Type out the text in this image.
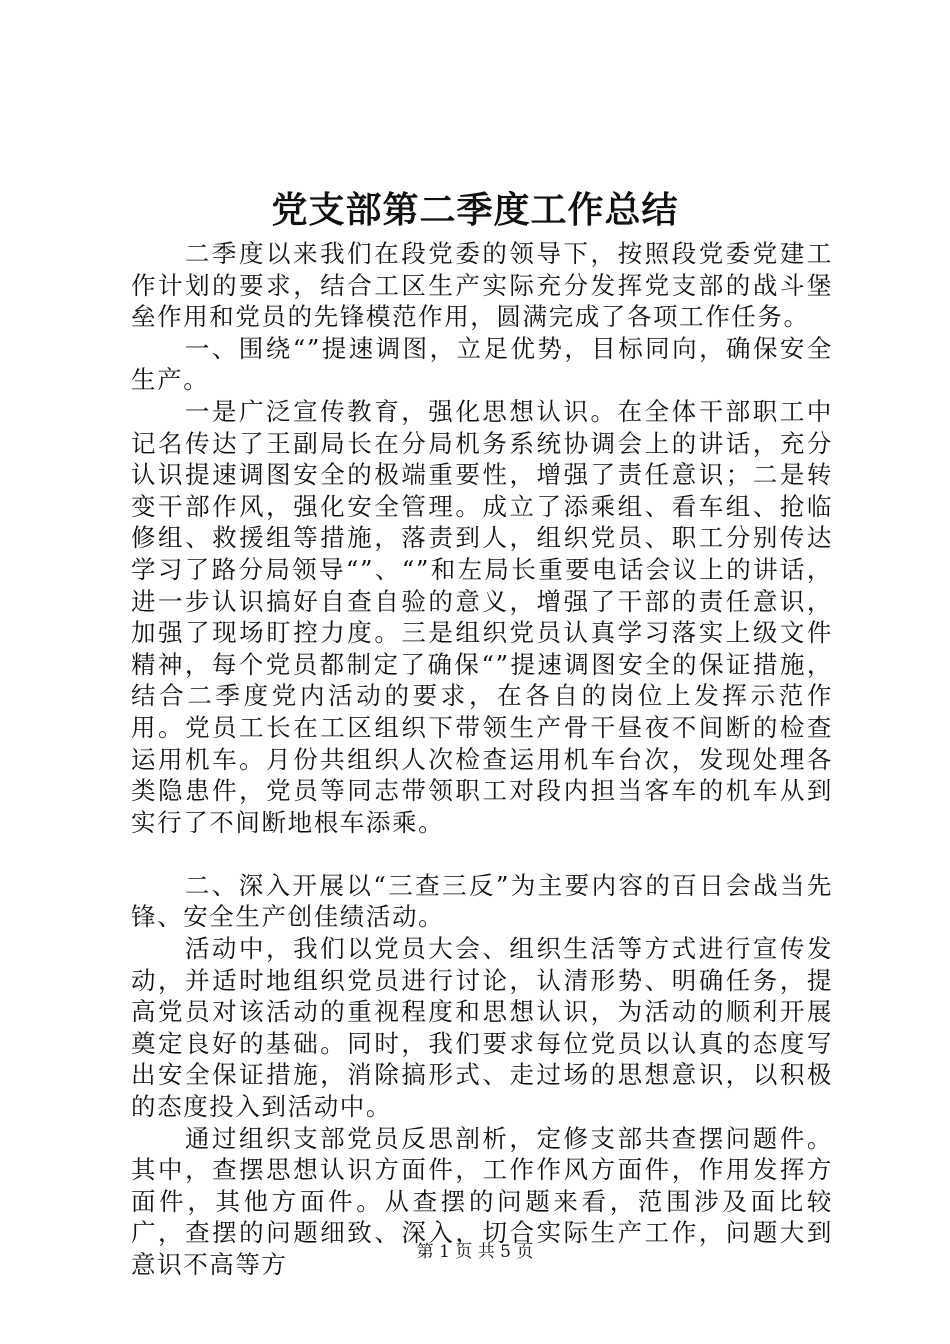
党支部第二季度工作总结

二季度以来我们在段党委的领导下，按照段党委党建工作计划的要求，结合工区生产实际充分发挥党支部的战斗堡垒作用和党员的先锋模范作用，圆满完成了各项工作任务。

一、围绕“”提速调图，立足优势，目标同向，确保安全生产。

一是广泛宣传教育，强化思想认识。在全体干部职工中记名传达了王副局长在分局机务系统协调会上的讲话，充分认识提速调图安全的极端重要性，增强了责任意识；二是转变干部作风，强化安全管理。成立了添乘组、看车组、抢临修组、救援组等措施，落责到人，组织党员、职工分别传达学习了路分局领导“”、“”和左局长重要电话会议上的讲话，进一步认识搞好自查自验的意义，增强了干部的责任意识，加强了现场盯控力度。三是组织党员认真学习落实上级文件精神，每个党员都制定了确保“”提速调图安全的保证措施，结合二季度党内活动的要求，在各自的岗位上发挥示范作用。党员工长在工区组织下带领生产骨干昼夜不间断的检查运用机车。月份共组织人次检查运用机车台次，发现处理各类隐患件，党员等同志带领职工对段内担当客车的机车从到实行了不间断地根车添乘。

二、深入开展以“三查三反”为主要内容的百日会战当先锋、安全生产创佳绩活动。

活动中，我们以党员大会、组织生活等方式进行宣传发动，并适时地组织党员进行讨论，认清形势、明确任务，提高党员对该活动的重视程度和思想认识，为活动的顺利开展奠定良好的基础。同时，我们要求每位党员以认真的态度写出安全保证措施，消除搞形式、走过场的思想意识，以积极的态度投入到活动中。

通过组织支部党员反思剖析，定修支部共查摆问题件。其中，查摆思想认识方面件，工作作风方面件，作用发挥方面件，其他方面件。从查摆的问题来看，范围涉及面比较广，查摆的问题细致、深入，切合实际生产工作，问题大到意识不高等方	第 1 页 共 5 页
